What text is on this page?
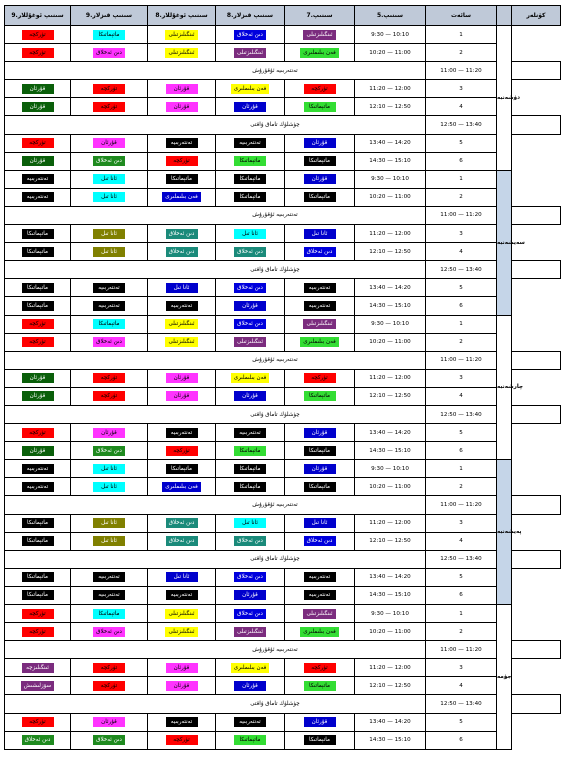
9.سىنىپ ئوغۇللار	9.سىنىپ قىزلار	8.سىنىپ ئوغۇللار	8.سىنىپ قىزلار	7.سىنىپ	5.سىنىپ	سائەت		كۈنلەر
تۈركچە	ماتېماتىكا	ئىنگىلىزتىلى	دىن ئەخلاق	ئىنگىلىزتىلى	9:30 — 10:10	1	دۈشەنبە	
تۈركچە	دىن ئەخلاق	ئىنگىلىزتىلى	ئىنگىلىزتىلى	فەن بىلىملىرى	10:20 — 11:00	2		
تەنتەربىيە ئۇقۇرۇش						11:00 — 11:20		
قۇرئان	تۈركچە	قۇرئان	فەن بىلىملىرى	تۈركچە	11:20 — 12:00	3		
قۇرئان	تۈركچە	قۇرئان	قۇرئان	ماتېماتىكا	12:10 — 12:50	4		
چۈشلۈك تاماق ۋاقتى						12:50 — 13:40		
تۈركچە	قۇرئان	تەنتەربىيە	تەنتەربىيە	قۇرئان	13:40 — 14:20	5		
قۇرئان	دىن ئەخلاق	تۈركچە	ماتېماتىكا	ماتېماتىكا	14:30 — 15:10	6		
تەنتەربىيە	ئانا تىل	ماتېماتىكا	ماتېماتىكا	قۇرئان	9:30 — 10:10	1	سەيشەنبە	
تەنتەربىيە	ئانا تىل	فەن بىلىملىرى	ماتېماتىكا	ماتېماتىكا	10:20 — 11:00	2		
تەنتەربىيە ئۇقۇرۇش						11:00 — 11:20		
ماتېماتىكا	ئانا تىل	دىن ئەخلاق	ئانا تىل	ئانا تىل	11:20 — 12:00	3		
ماتېماتىكا	ئانا تىل	دىن ئەخلاق	دىن ئەخلاق	دىن ئەخلاق	12:10 — 12:50	4		
چۈشلۈك تاماق ۋاقتى						12:50 — 13:40		
ماتېماتىكا	تەنتەربىيە	ئانا تىل	دىن ئەخلاق	تەنتەربىيە	13:40 — 14:20	5		
ماتېماتىكا	تەنتەربىيە	تەنتەربىيە	قۇرئان	تەنتەربىيە	14:30 — 15:10	6		
تۈركچە	ماتېماتىكا	ئىنگىلىزتىلى	دىن ئەخلاق	ئىنگىلىزتىلى	9:30 — 10:10	1	چارشەنبە	
تۈركچە	دىن ئەخلاق	ئىنگىلىزتىلى	ئىنگىلىزتىلى	فەن بىلىملىرى	10:20 — 11:00	2		
تەنتەربىيە ئۇقۇرۇش						11:00 — 11:20		
قۇرئان	تۈركچە	قۇرئان	فەن بىلىملىرى	تۈركچە	11:20 — 12:00	3		
قۇرئان	تۈركچە	قۇرئان	قۇرئان	ماتېماتىكا	12:10 — 12:50	4		
چۈشلۈك تاماق ۋاقتى						12:50 — 13:40		
تۈركچە	قۇرئان	تەنتەربىيە	تەنتەربىيە	قۇرئان	13:40 — 14:20	5		
قۇرئان	دىن ئەخلاق	تۈركچە	ماتېماتىكا	ماتېماتىكا	14:30 — 15:10	6		
تەنتەربىيە	ئانا تىل	ماتېماتىكا	ماتېماتىكا	قۇرئان	9:30 — 10:10	1	پەيشەنبە	
تەنتەربىيە	ئانا تىل	فەن بىلىملىرى	ماتېماتىكا	ماتېماتىكا	10:20 — 11:00	2		
تەنتەربىيە ئۇقۇرۇش						11:00 — 11:20		
ماتېماتىكا	ئانا تىل	دىن ئەخلاق	ئانا تىل	ئانا تىل	11:20 — 12:00	3		
ماتېماتىكا	ئانا تىل	دىن ئەخلاق	دىن ئەخلاق	دىن ئەخلاق	12:10 — 12:50	4		
چۈشلۈك تاماق ۋاقتى						12:50 — 13:40		
ماتېماتىكا	تەنتەربىيە	ئانا تىل	دىن ئەخلاق	تەنتەربىيە	13:40 — 14:20	5		
ماتېماتىكا	تەنتەربىيە	تەنتەربىيە	قۇرئان	تەنتەربىيە	14:30 — 15:10	6		
تۈركچە	ماتېماتىكا	ئىنگىلىزتىلى	دىن ئەخلاق	ئىنگىلىزتىلى	9:30 — 10:10	1	جۈمە	
تۈركچە	دىن ئەخلاق	ئىنگىلىزتىلى	ئىنگىلىزتىلى	فەن بىلىملىرى	10:20 — 11:00	2		
تەنتەربىيە ئۇقۇرۇش						11:00 — 11:20		
ئىنگىلىزچە	تۈركچە	قۇرئان	فەن بىلىملىرى	تۈركچە	11:20 — 12:00	3		
سۆزلىشىش	تۈركچە	قۇرئان	قۇرئان	ماتېماتىكا	12:10 — 12:50	4		
چۈشلۈك تاماق ۋاقتى						12:50 — 13:40		
تۈركچە	قۇرئان	تەنتەربىيە	تەنتەربىيە	قۇرئان	13:40 — 14:20	5		
دىن ئەخلاق	دىن ئەخلاق	تۈركچە	ماتېماتىكا	ماتېماتىكا	14:30 — 15:10	6		
